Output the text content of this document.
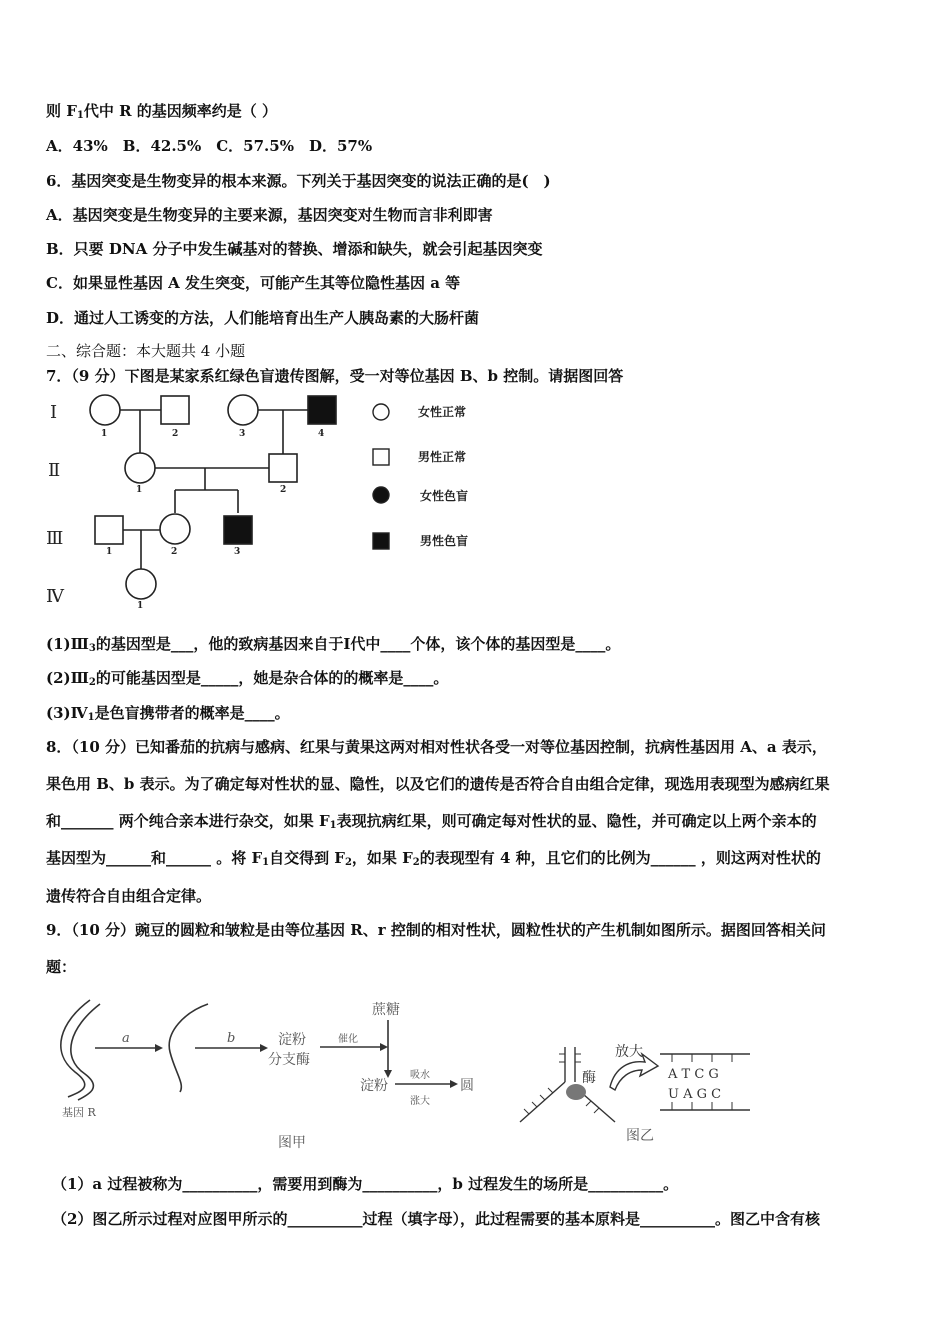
则 $F_1$代中 R 的基因频率约是（ ）
A．43%　B．42.5%　C．57.5%　D．57%
6．基因突变是生物变异的根本来源。下列关于基因突变的说法正确的是(　)
A．基因突变是生物变异的主要来源，基因突变对生物而言非利即害
B．只要 DNA 分子中发生碱基对的替换、增添和缺失，就会引起基因突变
C．如果显性基因 A 发生突变，可能产生其等位隐性基因 a 等
D．通过人工诱变的方法，人们能培育出生产人胰岛素的大肠杆菌
二、综合题：本大题共 4 小题
7．（9 分）下图是某家系红绿色盲遗传图解，受一对等位基因 B、b 控制。请据图回答
Ⅰ
Ⅱ
Ⅲ
Ⅳ
1	2	3	4
1	2
1	2	3
1
女性正常
男性正常
女性色盲
男性色盲
$(1)Ⅲ_3$的基因型是___，他的致病基因来自于Ⅰ代中____个体，该个体的基因型是____。
$(2)Ⅲ_2$的可能基因型是_____，她是杂合体的的概率是____。
$(3)Ⅳ_1$是色盲携带者的概率是____。
8．（10 分）已知番茄的抗病与感病、红果与黄果这两对相对性状各受一对等位基因控制，抗病性基因用 A、a 表示，
果色用 B、b 表示。为了确定每对性状的显、隐性，以及它们的遗传是否符合自由组合定律，现选用表现型为感病红果
和_______ 两个纯合亲本进行杂交，如果 $F_1$表现抗病红果，则可确定每对性状的显、隐性，并可确定以上两个亲本的
基因型为______和______ 。将 $F_1$自交得到 $F_2$，如果 $F_2$的表现型有 4 种，且它们的比例为______ ，则这两对性状的
遗传符合自由组合定律。
9．（10 分）豌豆的圆粒和皱粒是由等位基因 R、r 控制的相对性状，圆粒性状的产生机制如图所示。据图回答相关问
题：
基因 R
a	b	淀粉
分支酶
催化
蔗糖
淀粉
吸水
涨大
圆
图甲
酶
放大
A T C G
U A G C
图乙
（1）a 过程被称为__________，需要用到酶为__________，b 过程发生的场所是__________。
（2）图乙所示过程对应图甲所示的__________过程（填字母），此过程需要的基本原料是__________。图乙中含有核
